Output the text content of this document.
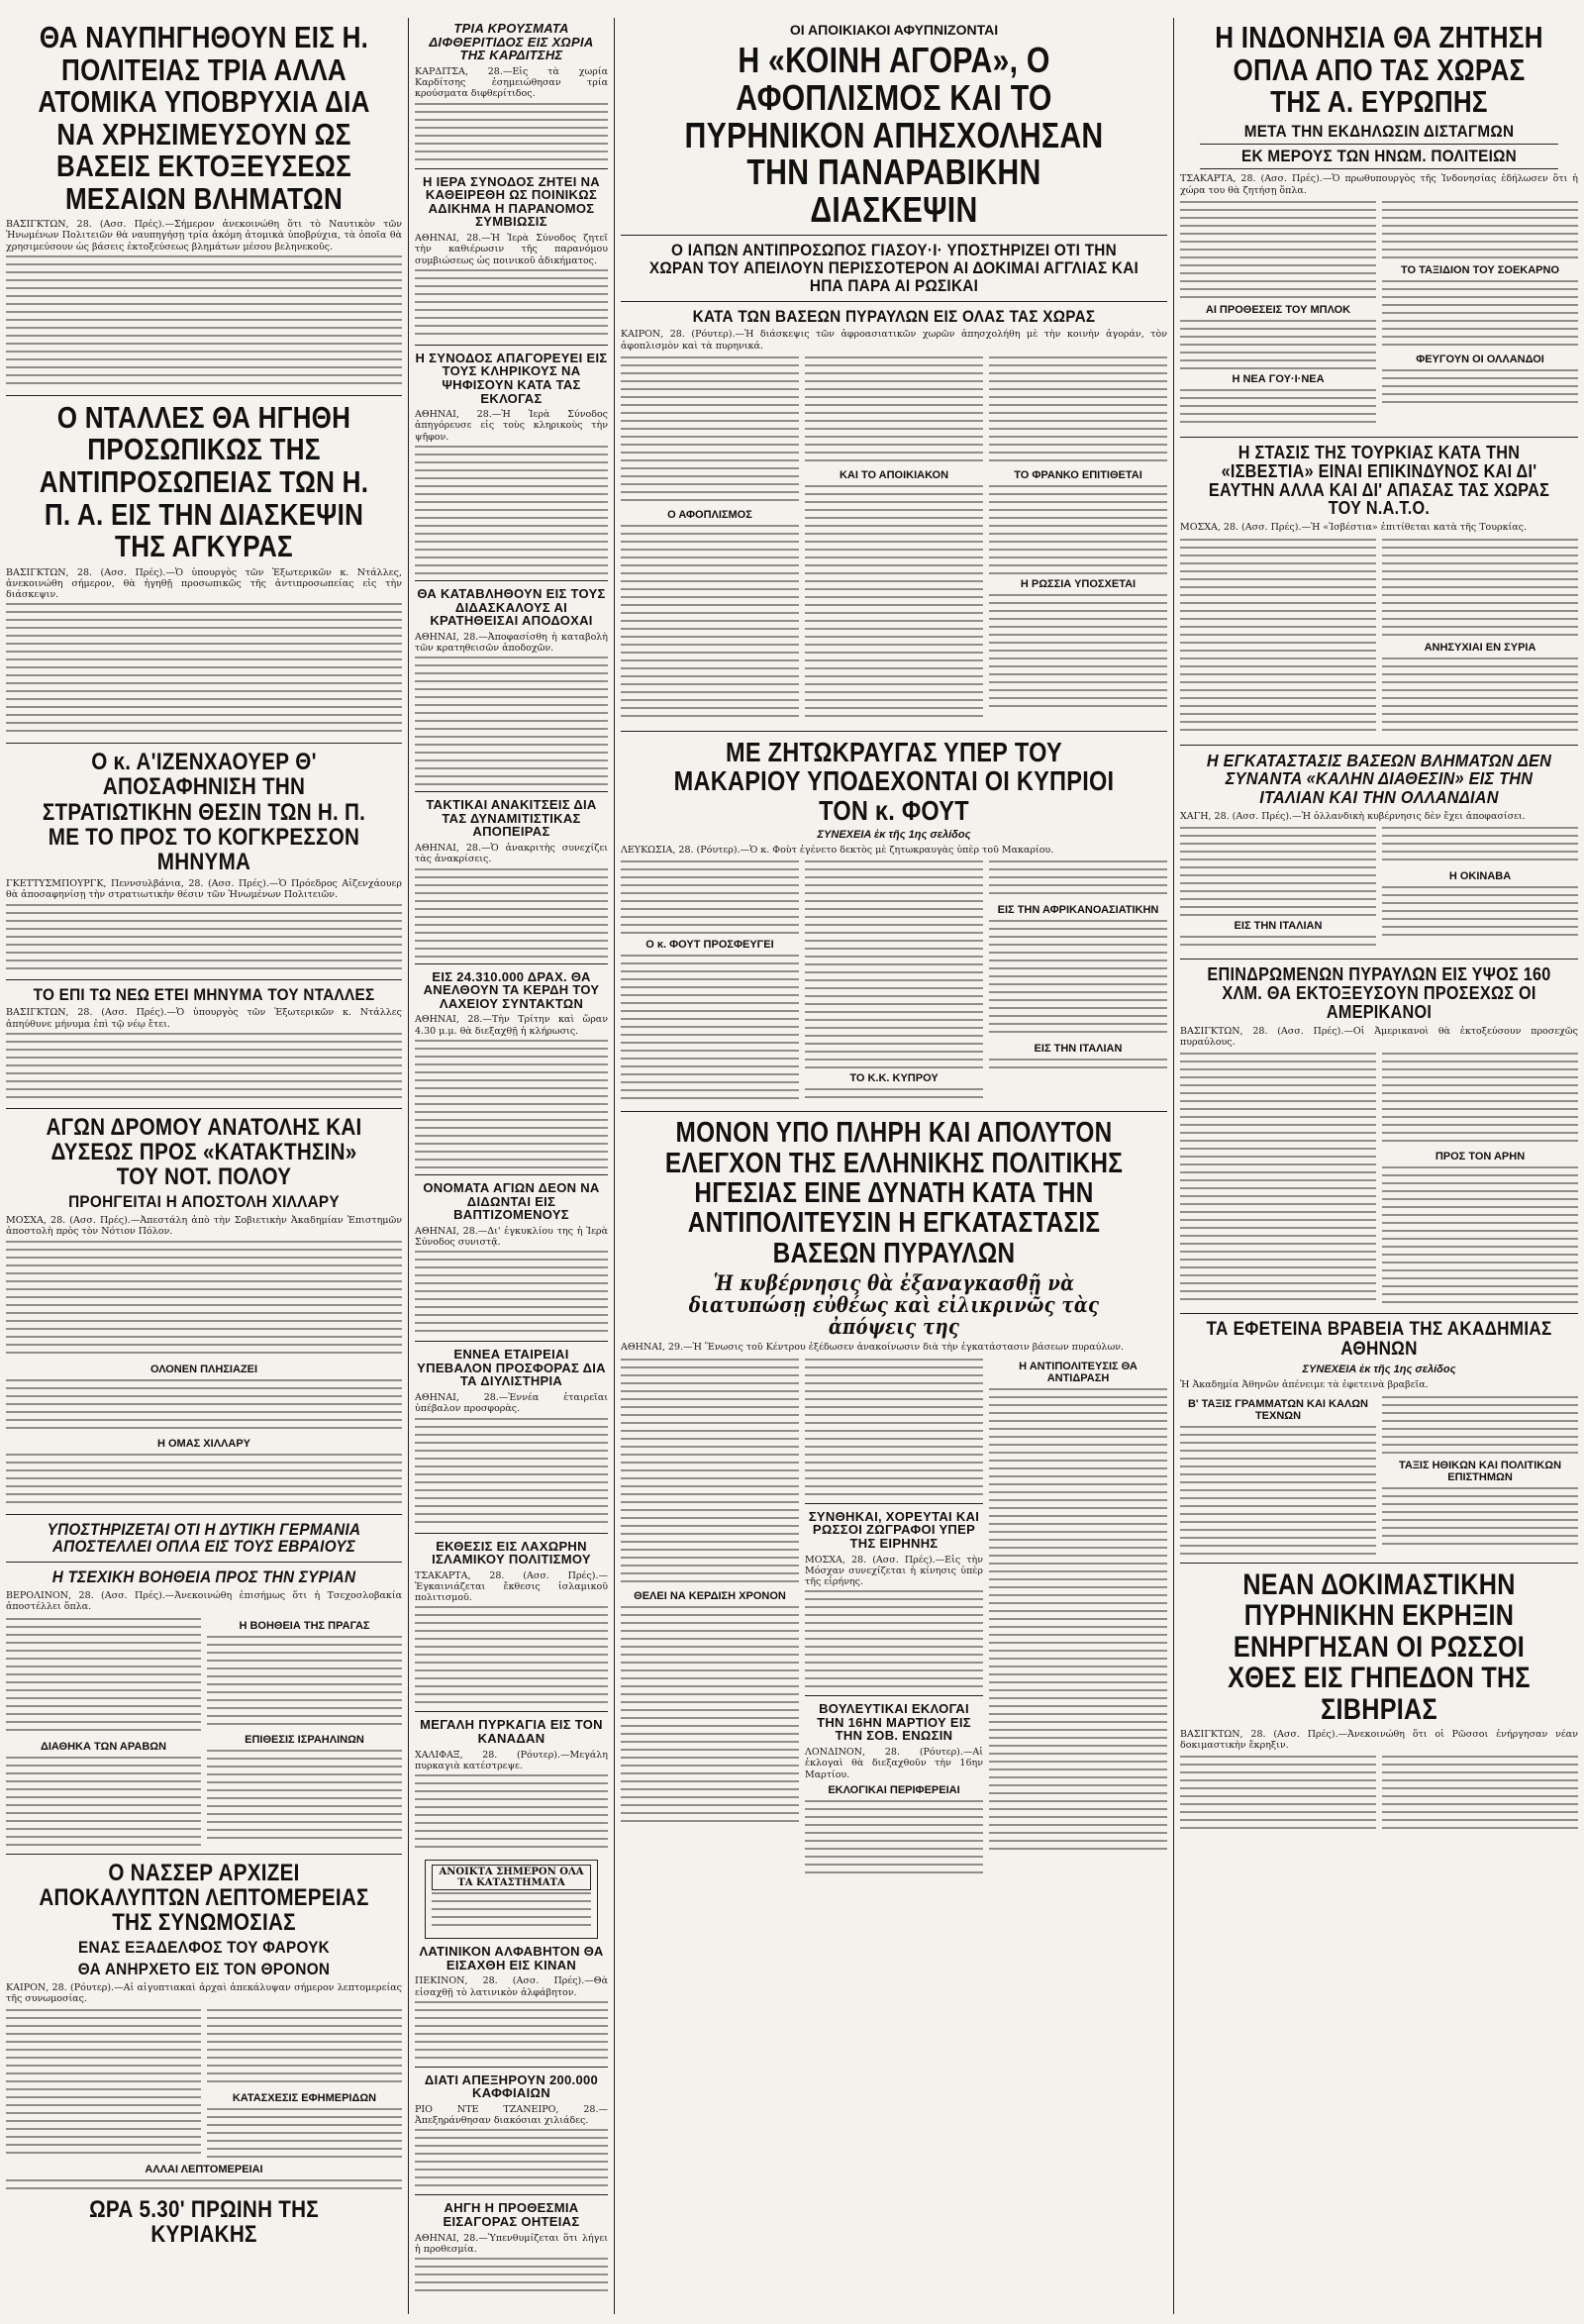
ΘΑ ΝΑΥΠΗΓΗΘΟΥΝ ΕΙΣ Η. ΠΟΛΙΤΕΙΑΣ ΤΡΙΑ ΑΛΛΑ ΑΤΟΜΙΚΑ ΥΠΟΒΡΥΧΙΑ ΔΙΑ ΝΑ ΧΡΗΣΙΜΕΥΣΟΥΝ ΩΣ ΒΑΣΕΙΣ ΕΚΤΟΞΕΥΣΕΩΣ ΜΕΣΑΙΩΝ ΒΛΗΜΑΤΩΝ

ΒΑΣΙΓΚΤΩΝ, 28. (Ασσ. Πρές).—Σήμερον ἀνεκοινώθη ὅτι τὸ Ναυτικὸν τῶν Ἡνωμένων Πολιτειῶν θὰ ναυπηγήσῃ τρία ἀκόμη ἀτομικὰ ὑποβρύχια, τὰ ὁποῖα θὰ χρησιμεύσουν ὡς βάσεις ἐκτοξεύσεως βλημάτων μέσου βεληνεκοῦς.

Ο ΝΤΑΛΛΕΣ ΘΑ ΗΓΗΘΗ ΠΡΟΣΩΠΙΚΩΣ ΤΗΣ ΑΝΤΙΠΡΟΣΩΠΕΙΑΣ ΤΩΝ Η. Π. Α. ΕΙΣ ΤΗΝ ΔΙΑΣΚΕΨΙΝ ΤΗΣ ΑΓΚΥΡΑΣ

ΒΑΣΙΓΚΤΩΝ, 28. (Ασσ. Πρές).—Ὁ ὑπουργὸς τῶν Ἐξωτερικῶν κ. Ντάλλες, ἀνεκοινώθη σήμερον, θὰ ἡγηθῇ προσωπικῶς τῆς ἀντιπροσωπείας εἰς τὴν διάσκεψιν.

Ο κ. Α'ΙΖΕΝΧΑΟΥΕΡ Θ' ΑΠΟΣΑΦΗΝΙΣΗ ΤΗΝ ΣΤΡΑΤΙΩΤΙΚΗΝ ΘΕΣΙΝ ΤΩΝ Η. Π. ΜΕ ΤΟ ΠΡΟΣ ΤΟ ΚΟΓΚΡΕΣΣΟΝ ΜΗΝΥΜΑ

ΓΚΕΤΤΥΣΜΠΟΥΡΓΚ, Πεννσυλβάνια, 28. (Ασσ. Πρές).—Ὁ Πρόεδρος Αἰζενχάουερ θὰ ἀποσαφηνίσῃ τὴν στρατιωτικὴν θέσιν τῶν Ἡνωμένων Πολιτειῶν.

ΤΟ ΕΠΙ ΤΩ ΝΕΩ ΕΤΕΙ ΜΗΝΥΜΑ ΤΟΥ ΝΤΑΛΛΕΣ

ΒΑΣΙΓΚΤΩΝ, 28. (Ασσ. Πρές).—Ὁ ὑπουργὸς τῶν Ἐξωτερικῶν κ. Ντάλλες ἀπηύθυνε μήνυμα ἐπὶ τῷ νέῳ ἔτει.

ΑΓΩΝ ΔΡΟΜΟΥ ΑΝΑΤΟΛΗΣ ΚΑΙ ΔΥΣΕΩΣ ΠΡΟΣ «ΚΑΤΑΚΤΗΣΙΝ» ΤΟΥ ΝΟΤ. ΠΟΛΟΥ
ΠΡΟΗΓΕΙΤΑΙ Η ΑΠΟΣΤΟΛΗ ΧΙΛΛΑΡΥ

ΜΟΣΧΑ, 28. (Ασσ. Πρές).—Ἀπεστάλη ἀπὸ τὴν Σοβιετικὴν Ἀκαδημίαν Ἐπιστημῶν ἀποστολὴ πρὸς τὸν Νότιον Πόλον.

ΟΛΟΝΕΝ ΠΛΗΣΙΑΖΕΙ
Η ΟΜΑΣ ΧΙΛΛΑΡΥ
ΥΠΟΣΤΗΡΙΖΕΤΑΙ ΟΤΙ Η ΔΥΤΙΚΗ ΓΕΡΜΑΝΙΑ ΑΠΟΣΤΕΛΛΕΙ ΟΠΛΑ ΕΙΣ ΤΟΥΣ ΕΒΡΑΙΟΥΣ
Η ΤΣΕΧΙΚΗ ΒΟΗΘΕΙΑ ΠΡΟΣ ΤΗΝ ΣΥΡΙΑΝ

ΒΕΡΟΛΙΝΟΝ, 28. (Ασσ. Πρές).—Ἀνεκοινώθη ἐπισήμως ὅτι ἡ Τσεχοσλοβακία ἀποστέλλει ὅπλα.

ΔΙΑΘΗΚΑ ΤΩΝ ΑΡΑΒΩΝ
Η ΒΟΗΘΕΙΑ ΤΗΣ ΠΡΑΓΑΣ
ΕΠΙΘΕΣΙΣ ΙΣΡΑΗΛΙΝΩΝ
Ο ΝΑΣΣΕΡ ΑΡΧΙΖΕΙ ΑΠΟΚΑΛΥΠΤΩΝ ΛΕΠΤΟΜΕΡΕΙΑΣ ΤΗΣ ΣΥΝΩΜΟΣΙΑΣ
ΕΝΑΣ ΕΞΑΔΕΛΦΟΣ ΤΟΥ ΦΑΡΟΥΚ
ΘΑ ΑΝΗΡΧΕΤΟ ΕΙΣ ΤΟΝ ΘΡΟΝΟΝ

ΚΑΙΡΟΝ, 28. (Ρόυτερ).—Αἱ αἰγυπτιακαὶ ἀρχαὶ ἀπεκάλυψαν σήμερον λεπτομερείας τῆς συνωμοσίας.

ΚΑΤΑΣΧΕΣΙΣ ΕΦΗΜΕΡΙΔΩΝ
ΑΛΛΑΙ ΛΕΠΤΟΜΕΡΕΙΑΙ
ΩΡΑ 5.30' ΠΡΩΙΝΗ ΤΗΣ ΚΥΡΙΑΚΗΣ
ΤΡΙΑ ΚΡΟΥΣΜΑΤΑ ΔΙΦΘΕΡΙΤΙΔΟΣ ΕΙΣ ΧΩΡΙΑ ΤΗΣ ΚΑΡΔΙΤΣΗΣ

ΚΑΡΔΙΤΣΑ, 28.—Εἰς τὰ χωρία Καρδίτσης ἐσημειώθησαν τρία κρούσματα διφθερίτιδος.

Η ΙΕΡΑ ΣΥΝΟΔΟΣ ΖΗΤΕΙ ΝΑ ΚΑΘΕΙΡΕΘΗ ΩΣ ΠΟΙΝΙΚΩΣ ΑΔΙΚΗΜΑ Η ΠΑΡΑΝΟΜΟΣ ΣΥΜΒΙΩΣΙΣ

ΑΘΗΝΑΙ, 28.—Ἡ Ἱερὰ Σύνοδος ζητεῖ τὴν καθιέρωσιν τῆς παρανόμου συμβιώσεως ὡς ποινικοῦ ἀδικήματος.

Η ΣΥΝΟΔΟΣ ΑΠΑΓΟΡΕΥΕΙ ΕΙΣ ΤΟΥΣ ΚΛΗΡΙΚΟΥΣ ΝΑ ΨΗΦΙΣΟΥΝ ΚΑΤΑ ΤΑΣ ΕΚΛΟΓΑΣ

ΑΘΗΝΑΙ, 28.—Ἡ Ἱερὰ Σύνοδος ἀπηγόρευσε εἰς τοὺς κληρικοὺς τὴν ψῆφον.

ΘΑ ΚΑΤΑΒΛΗΘΟΥΝ ΕΙΣ ΤΟΥΣ ΔΙΔΑΣΚΑΛΟΥΣ ΑΙ ΚΡΑΤΗΘΕΙΣΑΙ ΑΠΟΔΟΧΑΙ

ΑΘΗΝΑΙ, 28.—Ἀποφασίσθη ἡ καταβολὴ τῶν κρατηθεισῶν ἀποδοχῶν.

ΤΑΚΤΙΚΑΙ ΑΝΑΚΙΤΣΕΙΣ ΔΙΑ ΤΑΣ ΔΥΝΑΜΙΤΙΣΤΙΚΑΣ ΑΠΟΠΕΙΡΑΣ

ΑΘΗΝΑΙ, 28.—Ὁ ἀνακριτὴς συνεχίζει τὰς ἀνακρίσεις.

ΕΙΣ 24.310.000 ΔΡΑΧ. ΘΑ ΑΝΕΛΘΟΥΝ ΤΑ ΚΕΡΔΗ ΤΟΥ ΛΑΧΕΙΟΥ ΣΥΝΤΑΚΤΩΝ

ΑΘΗΝΑΙ, 28.—Τὴν Τρίτην καὶ ὥραν 4.30 μ.μ. θὰ διεξαχθῇ ἡ κλήρωσις.

ΟΝΟΜΑΤΑ ΑΓΙΩΝ ΔΕΟΝ ΝΑ ΔΙΔΩΝΤΑΙ ΕΙΣ ΒΑΠΤΙΖΟΜΕΝΟΥΣ

ΑΘΗΝΑΙ, 28.—Δι' ἐγκυκλίου της ἡ Ἱερὰ Σύνοδος συνιστᾷ.

ΕΝΝΕΑ ΕΤΑΙΡΕΙΑΙ ΥΠΕΒΑΛΟΝ ΠΡΟΣΦΟΡΑΣ ΔΙΑ ΤΑ ΔΙΥΛΙΣΤΗΡΙΑ

ΑΘΗΝΑΙ, 28.—Ἐννέα ἑταιρεῖαι ὑπέβαλον προσφορὰς.

ΕΚΘΕΣΙΣ ΕΙΣ ΛΑΧΩΡΗΝ ΙΣΛΑΜΙΚΟΥ ΠΟΛΙΤΙΣΜΟΥ

ΤΣΑΚΑΡΤΑ, 28. (Ασσ. Πρές).—Ἐγκαινιάζεται ἔκθεσις ἰσλαμικοῦ πολιτισμοῦ.

ΜΕΓΑΛΗ ΠΥΡΚΑΓΙΑ ΕΙΣ ΤΟΝ ΚΑΝΑΔΑΝ

ΧΑΛΙΦΑΞ, 28. (Ρόυτερ).—Μεγάλη πυρκαγιὰ κατέστρεψε.

ΑΝΟΙΚΤΑ ΣΗΜΕΡΟΝ ΟΛΑ ΤΑ ΚΑΤΑΣΤΗΜΑΤΑ
ΛΑΤΙΝΙΚΟΝ ΑΛΦΑΒΗΤΟΝ ΘΑ ΕΙΣΑΧΘΗ ΕΙΣ ΚΙΝΑΝ

ΠΕΚΙΝΟΝ, 28. (Ασσ. Πρές).—Θὰ εἰσαχθῇ τὸ λατινικὸν ἀλφάβητον.

ΔΙΑΤΙ ΑΠΕΞΗΡΟΥΝ 200.000 ΚΑΦΦΙΑΙΩΝ

ΡΙΟ ΝΤΕ ΤΖΑΝΕΙΡΟ, 28.—Ἀπεξηράνθησαν διακόσιαι χιλιάδες.

ΑΗΓΗ Η ΠΡΟΘΕΣΜΙΑ ΕΙΣΑΓΟΡΑΣ ΟΗΤΕΙΑΣ

ΑΘΗΝΑΙ, 28.—Ὑπενθυμίζεται ὅτι λήγει ἡ προθεσμία.

ΟΙ ΑΠΟΙΚΙΑΚΟΙ ΑΦΥΠΝΙΖΟΝΤΑΙ
Η «ΚΟΙΝΗ ΑΓΟΡΑ», Ο ΑΦΟΠΛΙΣΜΟΣ ΚΑΙ ΤΟ ΠΥΡΗΝΙΚΟΝ ΑΠΗΣΧΟΛΗΣΑΝ ΤΗΝ ΠΑΝΑΡΑΒΙΚΗΝ ΔΙΑΣΚΕΨΙΝ
Ο ΙΑΠΩΝ ΑΝΤΙΠΡΟΣΩΠΟΣ ΓΙΑΣΟΥ·Ι· ΥΠΟΣΤΗΡΙΖΕΙ ΟΤΙ ΤΗΝ ΧΩΡΑΝ ΤΟΥ ΑΠΕΙΛΟΥΝ ΠΕΡΙΣΣΟΤΕΡΟΝ ΑΙ ΔΟΚΙΜΑΙ ΑΓΓΛΙΑΣ ΚΑΙ ΗΠΑ ΠΑΡΑ ΑΙ ΡΩΣΙΚΑΙ
ΚΑΤΑ ΤΩΝ ΒΑΣΕΩΝ ΠΥΡΑΥΛΩΝ ΕΙΣ ΟΛΑΣ ΤΑΣ ΧΩΡΑΣ

ΚΑΙΡΟΝ, 28. (Ρόυτερ).—Ἡ διάσκεψις τῶν ἀφροασιατικῶν χωρῶν ἀπησχολήθη μὲ τὴν κοινὴν ἀγοράν, τὸν ἀφοπλισμὸν καὶ τὰ πυρηνικά.

Ο ΑΦΟΠΛΙΣΜΟΣ
ΚΑΙ ΤΟ ΑΠΟΙΚΙΑΚΟΝ	ΤΟ ΦΡΑΝΚΟ ΕΠΙΤΙΘΕΤΑΙ
Η ΡΩΣΣΙΑ ΥΠΟΣΧΕΤΑΙ
ΜΕ ΖΗΤΩΚΡΑΥΓΑΣ ΥΠΕΡ ΤΟΥ ΜΑΚΑΡΙΟΥ ΥΠΟΔΕΧΟΝΤΑΙ ΟΙ ΚΥΠΡΙΟΙ ΤΟΝ κ. ΦΟΥΤ
ΣΥΝΕΧΕΙΑ ἐκ τῆς 1ης σελίδος

ΛΕΥΚΩΣΙΑ, 28. (Ρόυτερ).—Ὁ κ. Φοὺτ ἐγένετο δεκτὸς μὲ ζητωκραυγὰς ὑπὲρ τοῦ Μακαρίου.

Ο κ. ΦΟΥΤ ΠΡΟΣΦΕΥΓΕΙ
ΤΟ Κ.Κ. ΚΥΠΡΟΥ
ΕΙΣ ΤΗΝ ΑΦΡΙΚΑΝΟΑΣΙΑΤΙΚΗΝ
ΕΙΣ ΤΗΝ ΙΤΑΛΙΑΝ
ΜΟΝΟΝ ΥΠΟ ΠΛΗΡΗ ΚΑΙ ΑΠΟΛΥΤΟΝ ΕΛΕΓΧΟΝ ΤΗΣ ΕΛΛΗΝΙΚΗΣ ΠΟΛΙΤΙΚΗΣ ΗΓΕΣΙΑΣ ΕΙΝΕ ΔΥΝΑΤΗ ΚΑΤΑ ΤΗΝ ΑΝΤΙΠΟΛΙΤΕΥΣΙΝ Η ΕΓΚΑΤΑΣΤΑΣΙΣ ΒΑΣΕΩΝ ΠΥΡΑΥΛΩΝ
Ἡ κυβέρνησις θὰ ἐξαναγκασθῇ νὰ διατυπώσῃ εὐθέως καὶ εἰλικρινῶς τὰς ἀπόψεις της

ΑΘΗΝΑΙ, 29.—Ἡ Ἕνωσις τοῦ Κέντρου ἐξέδωσεν ἀνακοίνωσιν διὰ τὴν ἐγκατάστασιν βάσεων πυραύλων.

ΘΕΛΕΙ ΝΑ ΚΕΡΔΙΣΗ ΧΡΟΝΟΝ
ΣΥΝΘΗΚΑΙ, ΧΟΡΕΥΤΑΙ ΚΑΙ ΡΩΣΣΟΙ ΖΩΓΡΑΦΟΙ ΥΠΕΡ ΤΗΣ ΕΙΡΗΝΗΣ

ΜΟΣΧΑ, 28. (Ασσ. Πρές).—Εἰς τὴν Μόσχαν συνεχίζεται ἡ κίνησις ὑπὲρ τῆς εἰρήνης.

ΒΟΥΛΕΥΤΙΚΑΙ ΕΚΛΟΓΑΙ ΤΗΝ 16ΗΝ ΜΑΡΤΙΟΥ ΕΙΣ ΤΗΝ ΣΟΒ. ΕΝΩΣΙΝ

ΛΟΝΔΙΝΟΝ, 28. (Ρόυτερ).—Αἱ ἐκλογαὶ θὰ διεξαχθοῦν τὴν 16ην Μαρτίου.

ΕΚΛΟΓΙΚΑΙ ΠΕΡΙΦΕΡΕΙΑΙ
Η ΑΝΤΙΠΟΛΙΤΕΥΣΙΣ ΘΑ ΑΝΤΙΔΡΑΣΗ
Η ΙΝΔΟΝΗΣΙΑ ΘΑ ΖΗΤΗΣΗ ΟΠΛΑ ΑΠΟ ΤΑΣ ΧΩΡΑΣ ΤΗΣ Α. ΕΥΡΩΠΗΣ
ΜΕΤΑ ΤΗΝ ΕΚΔΗΛΩΣΙΝ ΔΙΣΤΑΓΜΩΝ
ΕΚ ΜΕΡΟΥΣ ΤΩΝ ΗΝΩΜ. ΠΟΛΙΤΕΙΩΝ

ΤΣΑΚΑΡΤΑ, 28. (Ασσ. Πρές).—Ὁ πρωθυπουργὸς τῆς Ἰνδονησίας ἐδήλωσεν ὅτι ἡ χώρα του θὰ ζητήσῃ ὅπλα.

ΑΙ ΠΡΟΘΕΣΕΙΣ ΤΟΥ ΜΠΛΟΚ
Η ΝΕΑ ΓΟΥ·Ι·ΝΕΑ
ΤΟ ΤΑΞΙΔΙΟΝ ΤΟΥ ΣΟΕΚΑΡΝΟ
ΦΕΥΓΟΥΝ ΟΙ ΟΛΛΑΝΔΟΙ
Η ΣΤΑΣΙΣ ΤΗΣ ΤΟΥΡΚΙΑΣ ΚΑΤΑ ΤΗΝ «ΙΣΒΕΣΤΙΑ» ΕΙΝΑΙ ΕΠΙΚΙΝΔΥΝΟΣ ΚΑΙ ΔΙ' ΕΑΥΤΗΝ ΑΛΛΑ ΚΑΙ ΔΙ' ΑΠΑΣΑΣ ΤΑΣ ΧΩΡΑΣ ΤΟΥ Ν.Α.Τ.Ο.

ΜΟΣΧΑ, 28. (Ασσ. Πρές).—Ἡ «Ἰσβέστια» ἐπιτίθεται κατὰ τῆς Τουρκίας.

ΑΝΗΣΥΧΙΑΙ ΕΝ ΣΥΡΙΑ
Η ΕΓΚΑΤΑΣΤΑΣΙΣ ΒΑΣΕΩΝ ΒΛΗΜΑΤΩΝ ΔΕΝ ΣΥΝΑΝΤΑ «ΚΑΛΗΝ ΔΙΑΘΕΣΙΝ» ΕΙΣ ΤΗΝ ΙΤΑΛΙΑΝ ΚΑΙ ΤΗΝ ΟΛΛΑΝΔΙΑΝ

ΧΑΓΗ, 28. (Ασσ. Πρές).—Ἡ ὁλλανδικὴ κυβέρνησις δὲν ἔχει ἀποφασίσει.

ΕΙΣ ΤΗΝ ΙΤΑΛΙΑΝ
Η ΟΚΙΝΑΒΑ
ΕΠΙΝΔΡΩΜΕΝΩΝ ΠΥΡΑΥΛΩΝ ΕΙΣ ΥΨΟΣ 160 ΧΛΜ. ΘΑ ΕΚΤΟΞΕΥΣΟΥΝ ΠΡΟΣΕΧΩΣ ΟΙ ΑΜΕΡΙΚΑΝΟΙ

ΒΑΣΙΓΚΤΩΝ, 28. (Ασσ. Πρές).—Οἱ Ἀμερικανοὶ θὰ ἐκτοξεύσουν προσεχῶς πυραύλους.

ΠΡΟΣ ΤΟΝ ΑΡΗΝ
ΤΑ ΕΦΕΤΕΙΝΑ ΒΡΑΒΕΙΑ ΤΗΣ ΑΚΑΔΗΜΙΑΣ ΑΘΗΝΩΝ
ΣΥΝΕΧΕΙΑ ἐκ τῆς 1ης σελίδος

Ἡ Ἀκαδημία Ἀθηνῶν ἀπένειμε τὰ ἐφετεινὰ βραβεῖα.

Β' ΤΑΞΙΣ ΓΡΑΜΜΑΤΩΝ ΚΑΙ ΚΑΛΩΝ ΤΕΧΝΩΝ
ΤΑΞΙΣ ΗΘΙΚΩΝ ΚΑΙ ΠΟΛΙΤΙΚΩΝ ΕΠΙΣΤΗΜΩΝ
ΝΕΑΝ ΔΟΚΙΜΑΣΤΙΚΗΝ ΠΥΡΗΝΙΚΗΝ ΕΚΡΗΞΙΝ ΕΝΗΡΓΗΣΑΝ ΟΙ ΡΩΣΣΟΙ ΧΘΕΣ ΕΙΣ ΓΗΠΕΔΟΝ ΤΗΣ ΣΙΒΗΡΙΑΣ

ΒΑΣΙΓΚΤΩΝ, 28. (Ασσ. Πρές).—Ἀνεκοινώθη ὅτι οἱ Ρῶσσοι ἐνήργησαν νέαν δοκιμαστικὴν ἔκρηξιν.
